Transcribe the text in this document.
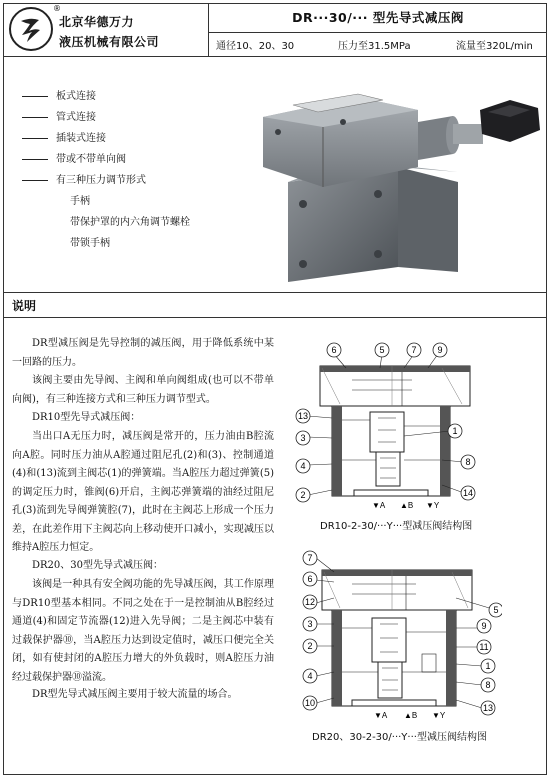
®
北京华德万力
液压机械有限公司
DR···30/··· 型先导式减压阀
通径10、20、30	压力至31.5MPa	流量至320L/min
板式连接
管式连接
插装式连接
带或不带单向阀
有三种压力调节形式
手柄
带保护罩的内六角调节螺栓
带锁手柄
说明
DR型减压阀是先导控制的减压阀，用于降低系统中某一回路的压力。
该阀主要由先导阀、主阀和单向阀组成(也可以不带单向阀)，有三种连接方式和三种压力调节型式。
DR10型先导式减压阀：
当出口A无压力时，减压阀是常开的，压力油由B腔流向A腔。同时压力油从A腔通过阻尼孔(2)和(3)、控制通道(4)和(13)流到主阀芯(1)的弹簧端。当A腔压力超过弹簧(5)的调定压力时，锥阀(6)开启，主阀芯弹簧端的油经过阻尼孔(3)流到先导阀弹簧腔(7)，此时在主阀芯上形成一个压力差，在此差作用下主阀芯向上移动使开口减小，实现减压以维持A腔压力恒定。
DR20、30型先导式减压阀：
该阀是一种具有安全阀功能的先导减压阀，其工作原理与DR10型基本相同。不同之处在于一是控制油从B腔经过通道(4)和固定节流器(12)进入先导阀；二是主阀芯中装有过载保护器⑩，当A腔压力达到设定值时，减压口便完全关闭，如有使封闭的A腔压力增大的外负载时，则A腔压力油经过载保护器⑩溢流。
DR型先导式减压阀主要用于较大流量的场合。
6	5	7 9
13
3
4
2
1
8
14
▼A ▲B ▼Y
DR10-2-30/···Y···型减压阀结构图
7
6
12
3
2
4
10
5
9
11
1
8
13
▼A ▲B ▼Y
DR20、30-2-30/···Y···型减压阀结构图
